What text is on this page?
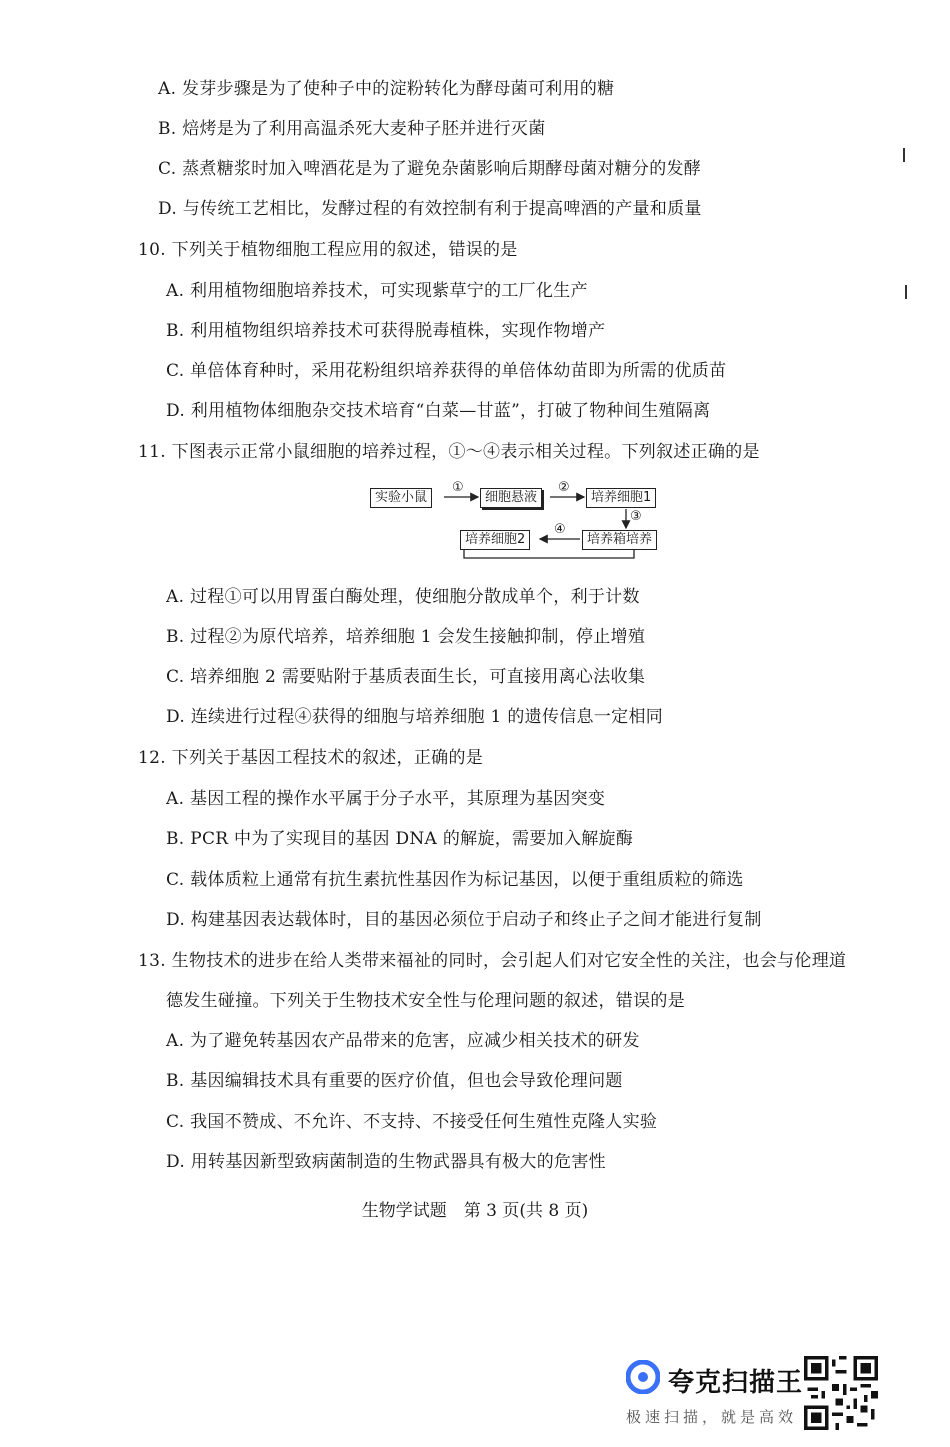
A. 发芽步骤是为了使种子中的淀粉转化为酵母菌可利用的糖
B. 焙烤是为了利用高温杀死大麦种子胚并进行灭菌
C. 蒸煮糖浆时加入啤酒花是为了避免杂菌影响后期酵母菌对糖分的发酵
D. 与传统工艺相比，发酵过程的有效控制有利于提高啤酒的产量和质量
10. 下列关于植物细胞工程应用的叙述，错误的是
A. 利用植物细胞培养技术，可实现紫草宁的工厂化生产
B. 利用植物组织培养技术可获得脱毒植株，实现作物增产
C. 单倍体育种时，采用花粉组织培养获得的单倍体幼苗即为所需的优质苗
D. 利用植物体细胞杂交技术培育“白菜—甘蓝”，打破了物种间生殖隔离
11. 下图表示正常小鼠细胞的培养过程，①～④表示相关过程。下列叙述正确的是
实验小鼠	细胞悬液	培养细胞1
培养箱培养
培养细胞2
①	②
③
④
A. 过程①可以用胃蛋白酶处理，使细胞分散成单个，利于计数
B. 过程②为原代培养，培养细胞 1 会发生接触抑制，停止增殖
C. 培养细胞 2 需要贴附于基质表面生长，可直接用离心法收集
D. 连续进行过程④获得的细胞与培养细胞 1 的遗传信息一定相同
12. 下列关于基因工程技术的叙述，正确的是
A. 基因工程的操作水平属于分子水平，其原理为基因突变
B. PCR 中为了实现目的基因 DNA 的解旋，需要加入解旋酶
C. 载体质粒上通常有抗生素抗性基因作为标记基因，以便于重组质粒的筛选
D. 构建基因表达载体时，目的基因必须位于启动子和终止子之间才能进行复制
13. 生物技术的进步在给人类带来福祉的同时，会引起人们对它安全性的关注，也会与伦理道
德发生碰撞。下列关于生物技术安全性与伦理问题的叙述，错误的是
A. 为了避免转基因农产品带来的危害，应减少相关技术的研发
B. 基因编辑技术具有重要的医疗价值，但也会导致伦理问题
C. 我国不赞成、不允许、不支持、不接受任何生殖性克隆人实验
D. 用转基因新型致病菌制造的生物武器具有极大的危害性
生物学试题　第 3 页(共 8 页)
夸克扫描王
极速扫描，就是高效
